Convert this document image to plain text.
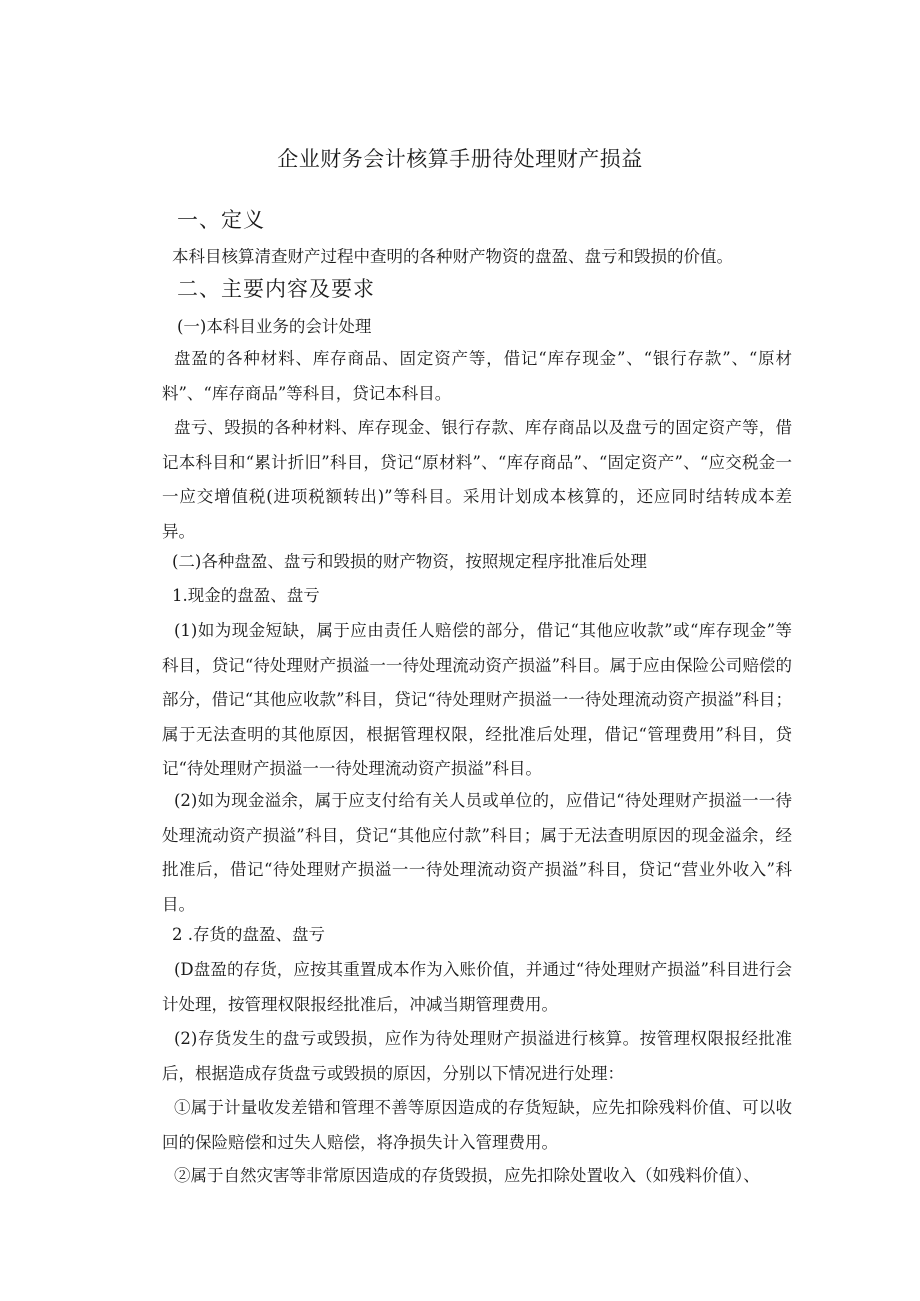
企业财务会计核算手册待处理财产损益
一、定义
本科目核算清查财产过程中查明的各种财产物资的盘盈、盘亏和毁损的价值。
二、主要内容及要求
(一)本科目业务的会计处理

盘盈的各种材料、库存商品、固定资产等，借记“库存现金”、“银行存款”、“原材料”、“库存商品”等科目，贷记本科目。

盘亏、毁损的各种材料、库存现金、银行存款、库存商品以及盘亏的固定资产等，借记本科目和“累计折旧”科目，贷记“原材料”、“库存商品”、“固定资产”、“应交税金一一应交增值税(进项税额转出)”等科目。采用计划成本核算的，还应同时结转成本差异。

(二)各种盘盈、盘亏和毁损的财产物资，按照规定程序批准后处理
1.现金的盘盈、盘亏

(1)如为现金短缺，属于应由责任人赔偿的部分，借记“其他应收款”或“库存现金”等科目，贷记“待处理财产损溢一一待处理流动资产损溢”科目。属于应由保险公司赔偿的部分，借记“其他应收款”科目，贷记“待处理财产损溢一一待处理流动资产损溢”科目；属于无法查明的其他原因，根据管理权限，经批准后处理，借记“管理费用”科目，贷记“待处理财产损溢一一待处理流动资产损溢”科目。

(2)如为现金溢余，属于应支付给有关人员或单位的，应借记“待处理财产损溢一一待处理流动资产损溢”科目，贷记“其他应付款”科目；属于无法查明原因的现金溢余，经批准后，借记“待处理财产损溢一一待处理流动资产损溢”科目，贷记“营业外收入”科目。

2 .存货的盘盈、盘亏

(D盘盈的存货，应按其重置成本作为入账价值，并通过“待处理财产损溢”科目进行会计处理，按管理权限报经批准后，冲减当期管理费用。

(2)存货发生的盘亏或毁损，应作为待处理财产损溢进行核算。按管理权限报经批准后，根据造成存货盘亏或毁损的原因，分别以下情况进行处理：

①属于计量收发差错和管理不善等原因造成的存货短缺，应先扣除残料价值、可以收回的保险赔偿和过失人赔偿，将净损失计入管理费用。

②属于自然灾害等非常原因造成的存货毁损，应先扣除处置收入（如残料价值）、
